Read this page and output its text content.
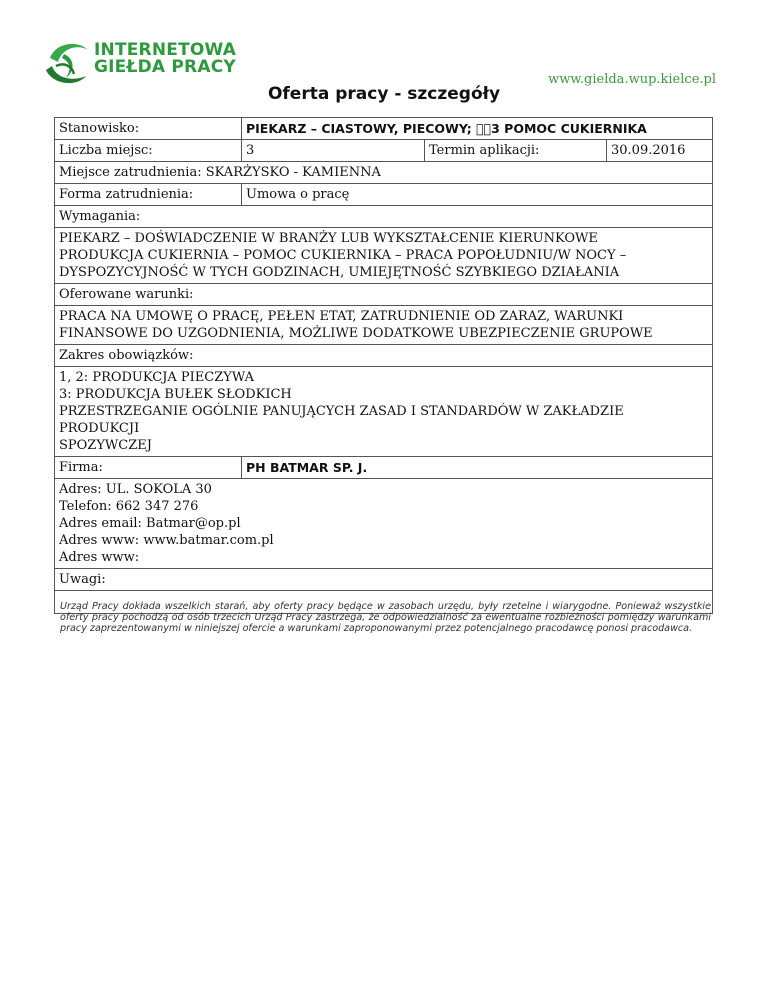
INTERNETOWA
GIEŁDA PRACY
www.gielda.wup.kielce.pl
Oferta pracy - szczegóły
Stanowisko:	PIEKARZ – CIASTOWY, PIECOWY;   3 POMOC CUKIERNIKA
Liczba miejsc:	3	Termin aplikacji:	30.09.2016
Miejsce zatrudnienia: SKARŻYSKO - KAMIENNA
Forma zatrudnienia:	Umowa o pracę
Wymagania:
PIEKARZ – DOŚWIADCZENIE W BRANŻY LUB WYKSZTAŁCENIE KIERUNKOWE
PRODUKCJA CUKIERNIA – POMOC CUKIERNIKA – PRACA POPOŁUDNIU/W NOCY –
DYSPOZYCYJNOŚĆ W TYCH GODZINACH, UMIEJĘTNOŚĆ SZYBKIEGO DZIAŁANIA
Oferowane warunki:
PRACA NA UMOWĘ O PRACĘ, PEŁEN ETAT, ZATRUDNIENIE OD ZARAZ, WARUNKI
FINANSOWE DO UZGODNIENIA, MOŻLIWE DODATKOWE UBEZPIECZENIE GRUPOWE
Zakres obowiązków:
1, 2: PRODUKCJA PIECZYWA
3: PRODUKCJA BUŁEK SŁODKICH
PRZESTRZEGANIE OGÓLNIE PANUJĄCYCH ZASAD I STANDARDÓW W ZAKŁADZIE PRODUKCJI
SPOZYWCZEJ
Firma:	PH BATMAR SP. J.
Adres: UL. SOKOLA 30
Telefon: 662 347 276
Adres email: Batmar@op.pl
Adres www: www.batmar.com.pl
Adres www:
Uwagi:
Urząd Pracy dokłada wszelkich starań, aby oferty pracy będące w zasobach urzędu, były rzetelne i wiarygodne. Ponieważ wszystkie oferty pracy pochodzą od osób trzecich Urząd Pracy zastrzega, że odpowiedzialność za ewentualne rozbieżności pomiędzy warunkami pracy zaprezentowanymi w niniejszej ofercie a warunkami zaproponowanymi przez potencjalnego pracodawcę ponosi pracodawca.
